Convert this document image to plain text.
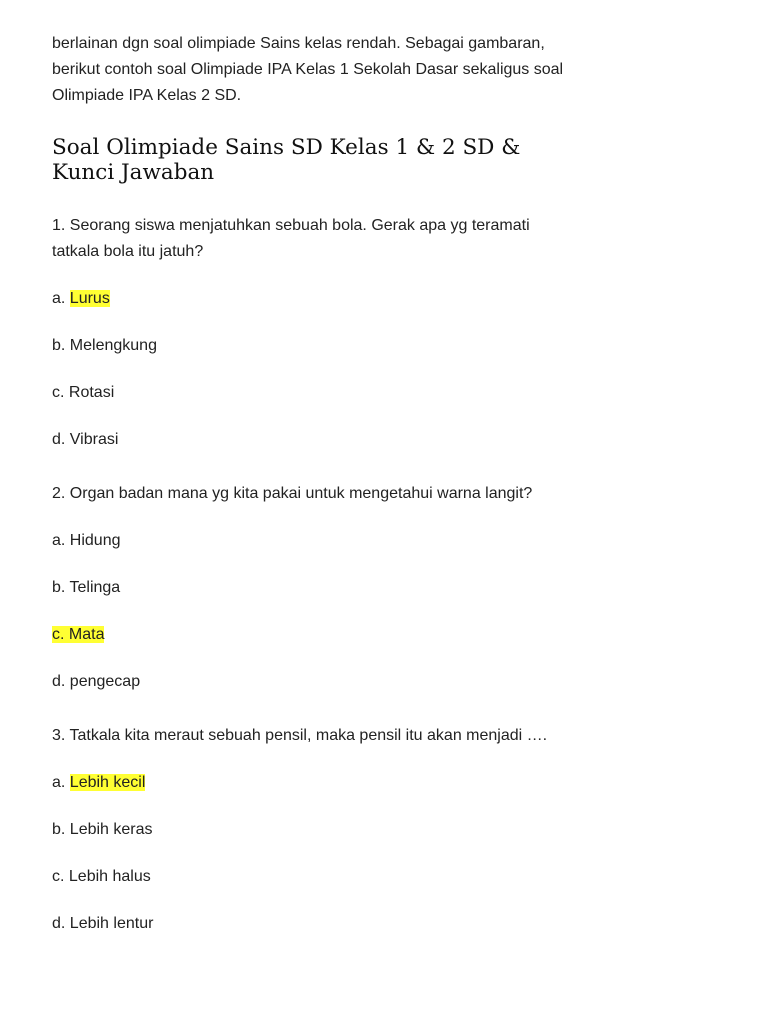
berlainan dgn soal olimpiade Sains kelas rendah. Sebagai gambaran, berikut contoh soal Olimpiade IPA Kelas 1 Sekolah Dasar sekaligus soal Olimpiade IPA Kelas 2 SD.

Soal Olimpiade Sains SD Kelas 1 & 2 SD & Kunci Jawaban

1. Seorang siswa menjatuhkan sebuah bola. Gerak apa yg teramati tatkala bola itu jatuh?

a. Lurus

b. Melengkung

c. Rotasi

d. Vibrasi

2. Organ badan mana yg kita pakai untuk mengetahui warna langit?

a. Hidung

b. Telinga

c. Mata

d. pengecap

3. Tatkala kita meraut sebuah pensil, maka pensil itu akan menjadi ….

a. Lebih kecil

b. Lebih keras

c. Lebih halus

d. Lebih lentur
